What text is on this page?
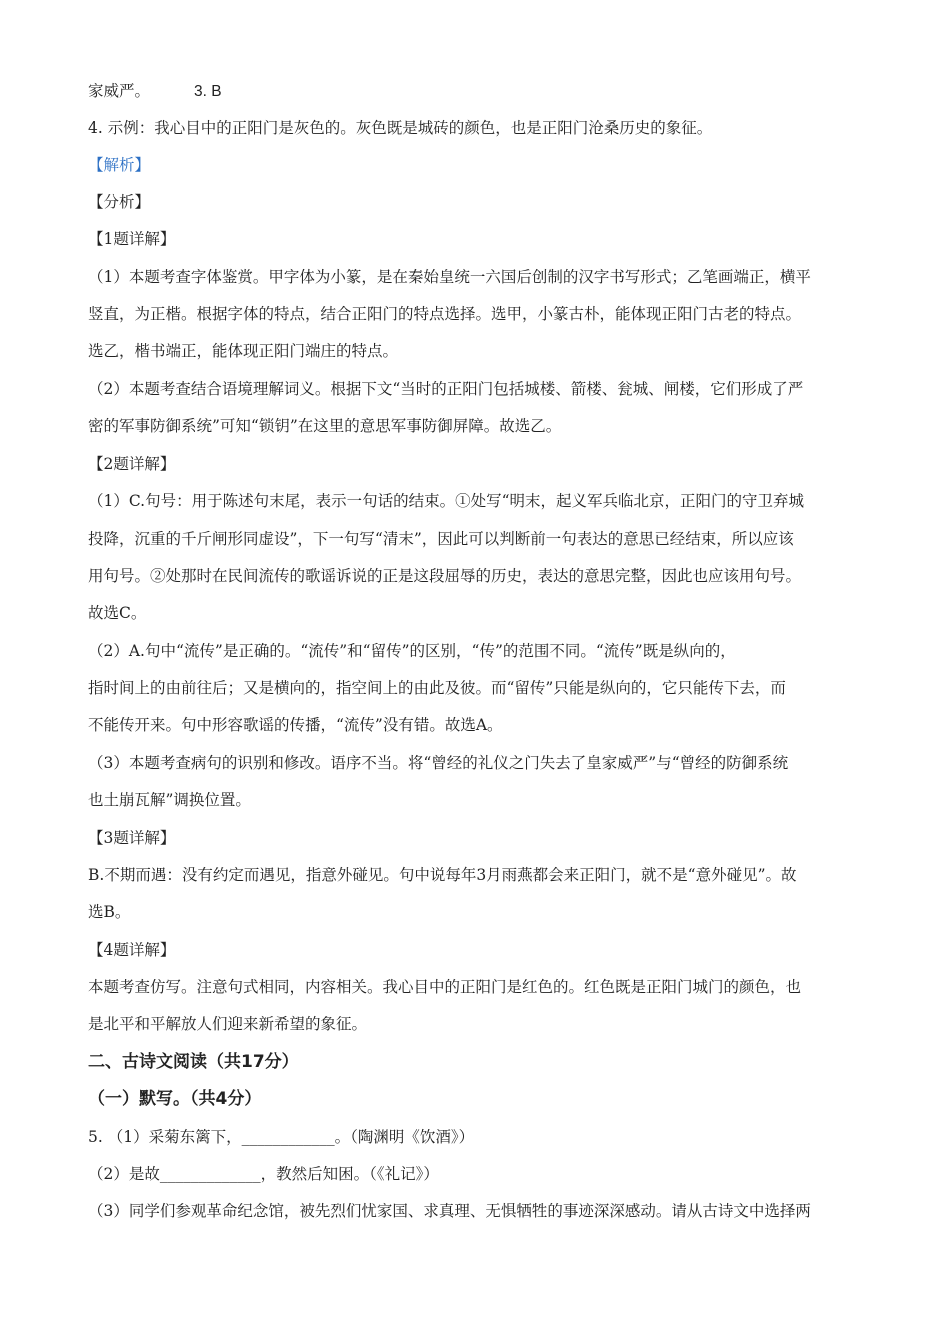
家威严。	3. B
4. 示例：我心目中的正阳门是灰色的。灰色既是城砖的颜色，也是正阳门沧桑历史的象征。
【解析】
【分析】
【1题详解】
（1）本题考查字体鉴赏。甲字体为小篆，是在秦始皇统一六国后创制的汉字书写形式；乙笔画端正，横平
竖直，为正楷。根据字体的特点，结合正阳门的特点选择。选甲，小篆古朴，能体现正阳门古老的特点。
选乙，楷书端正，能体现正阳门端庄的特点。
（2）本题考查结合语境理解词义。根据下文“当时的正阳门包括城楼、箭楼、瓮城、闸楼，它们形成了严
密的军事防御系统”可知“锁钥”在这里的意思军事防御屏障。故选乙。
【2题详解】
（1）C.句号：用于陈述句末尾，表示一句话的结束。①处写“明末，起义军兵临北京，正阳门的守卫弃城
投降，沉重的千斤闸形同虚设”，下一句写“清末”，因此可以判断前一句表达的意思已经结束，所以应该
用句号。②处那时在民间流传的歌谣诉说的正是这段屈辱的历史，表达的意思完整，因此也应该用句号。
故选C。
（2）A.句中“流传”是正确的。“流传”和“留传”的区别，“传”的范围不同。“流传”既是纵向的，
指时间上的由前往后；又是横向的，指空间上的由此及彼。而“留传”只能是纵向的，它只能传下去，而
不能传开来。句中形容歌谣的传播，“流传”没有错。故选A。
（3）本题考查病句的识别和修改。语序不当。将“曾经的礼仪之门失去了皇家威严”与“曾经的防御系统
也土崩瓦解”调换位置。
【3题详解】
B.不期而遇：没有约定而遇见，指意外碰见。句中说每年3月雨燕都会来正阳门，就不是“意外碰见”。故
选B。
【4题详解】
本题考查仿写。注意句式相同，内容相关。我心目中的正阳门是红色的。红色既是正阳门城门的颜色，也
是北平和平解放人们迎来新希望的象征。
二、古诗文阅读（共17分）
（一）默写。（共4分）
5. （1）采菊东篱下，____________。（陶渊明《饮酒》）
（2）是故_____________，教然后知困。（《礼记》）
（3）同学们参观革命纪念馆，被先烈们忧家国、求真理、无惧牺牲的事迹深深感动。请从古诗文中选择两
